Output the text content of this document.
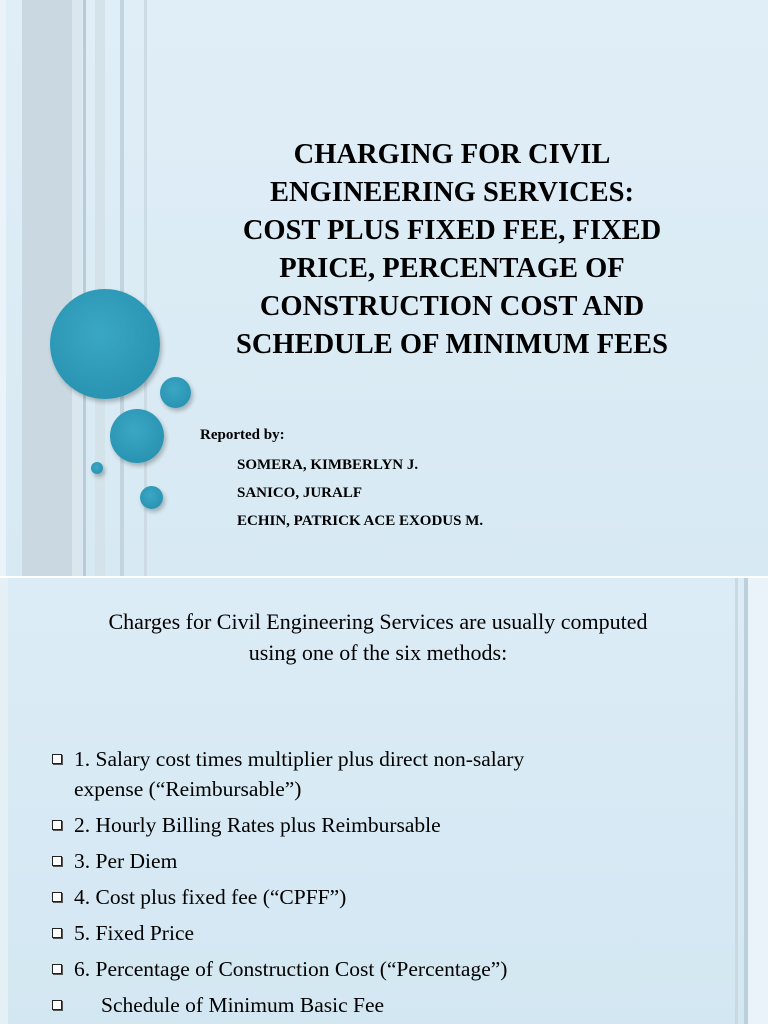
CHARGING FOR CIVIL
ENGINEERING SERVICES:
COST PLUS FIXED FEE, FIXED
PRICE, PERCENTAGE OF
CONSTRUCTION COST AND
SCHEDULE OF MINIMUM FEES
Reported by:
SOMERA, KIMBERLYN J.
SANICO, JURALF
ECHIN, PATRICK ACE EXODUS M.
Charges for Civil Engineering Services are usually computed
using one of the six methods:
1. Salary cost times multiplier plus direct non-salary expense (“Reimbursable”)
2. Hourly Billing Rates plus Reimbursable
3. Per Diem
4. Cost plus fixed fee (“CPFF”)
5. Fixed Price
6. Percentage of Construction Cost (“Percentage”)
Schedule of Minimum Basic Fee
